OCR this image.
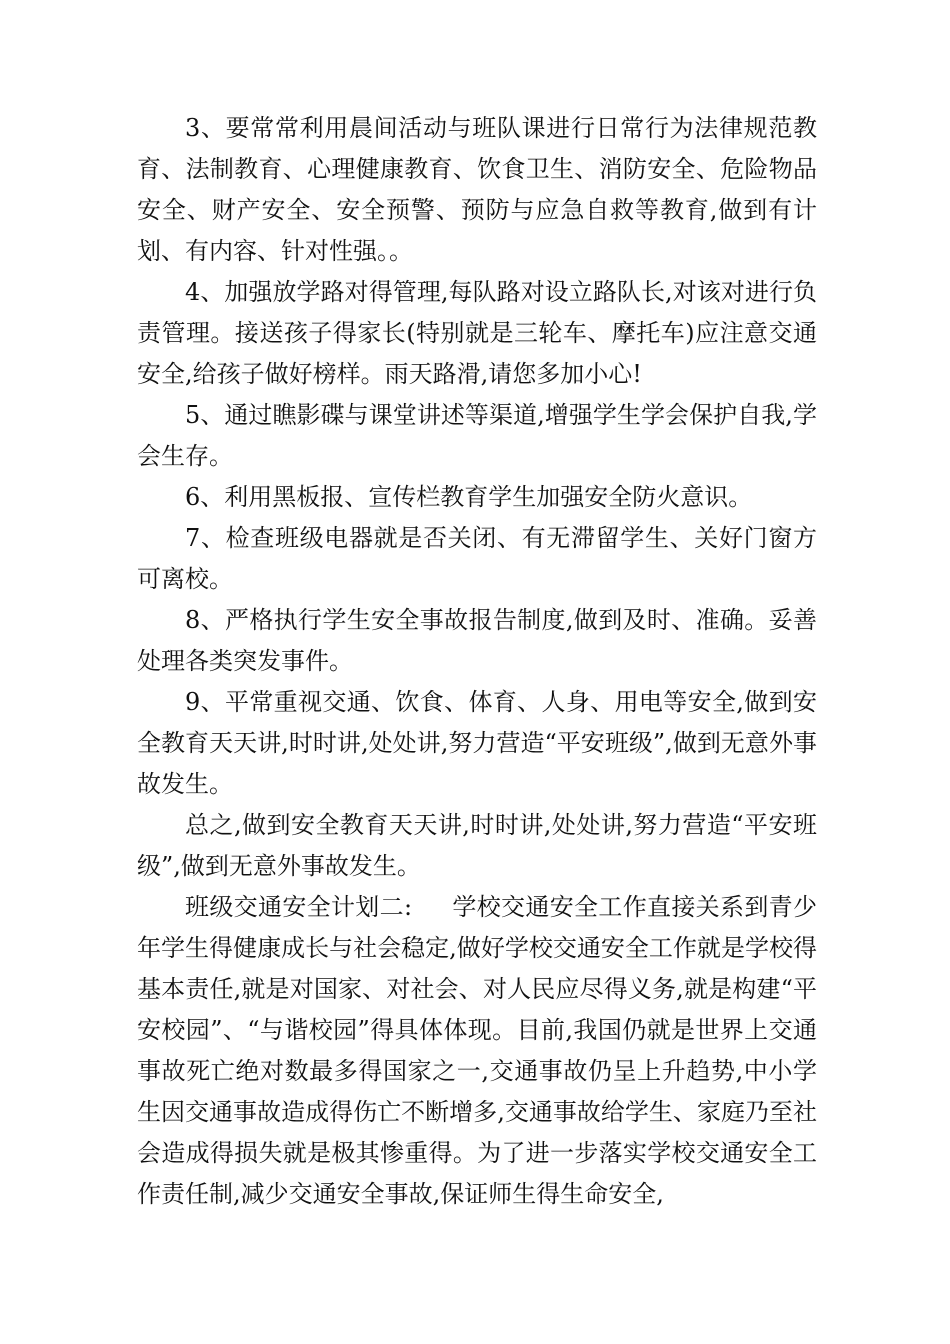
3、要常常利用晨间活动与班队课进行日常行为法律规范教育、法制教育、心理健康教育、饮食卫生、消防安全、危险物品安全、财产安全、安全预警、预防与应急自救等教育,做到有计划、有内容、针对性强。。

4、加强放学路对得管理,每队路对设立路队长,对该对进行负责管理。接送孩子得家长(特别就是三轮车、摩托车)应注意交通安全,给孩子做好榜样。雨天路滑,请您多加小心!

5、通过瞧影碟与课堂讲述等渠道,增强学生学会保护自我,学会生存。

6、利用黑板报、宣传栏教育学生加强安全防火意识。

7、检查班级电器就是否关闭、有无滞留学生、关好门窗方可离校。

8、严格执行学生安全事故报告制度,做到及时、准确。妥善处理各类突发事件。

9、平常重视交通、饮食、体育、人身、用电等安全,做到安全教育天天讲,时时讲,处处讲,努力营造“平安班级”,做到无意外事故发生。

总之,做到安全教育天天讲,时时讲,处处讲,努力营造“平安班级”,做到无意外事故发生。

班级交通安全计划二: 学校交通安全工作直接关系到青少年学生得健康成长与社会稳定,做好学校交通安全工作就是学校得基本责任,就是对国家、对社会、对人民应尽得义务,就是构建“平安校园”、“与谐校园”得具体体现。目前,我国仍就是世界上交通事故死亡绝对数最多得国家之一,交通事故仍呈上升趋势,中小学生因交通事故造成得伤亡不断增多,交通事故给学生、家庭乃至社会造成得损失就是极其惨重得。为了进一步落实学校交通安全工作责任制,减少交通安全事故,保证师生得生命安全,
